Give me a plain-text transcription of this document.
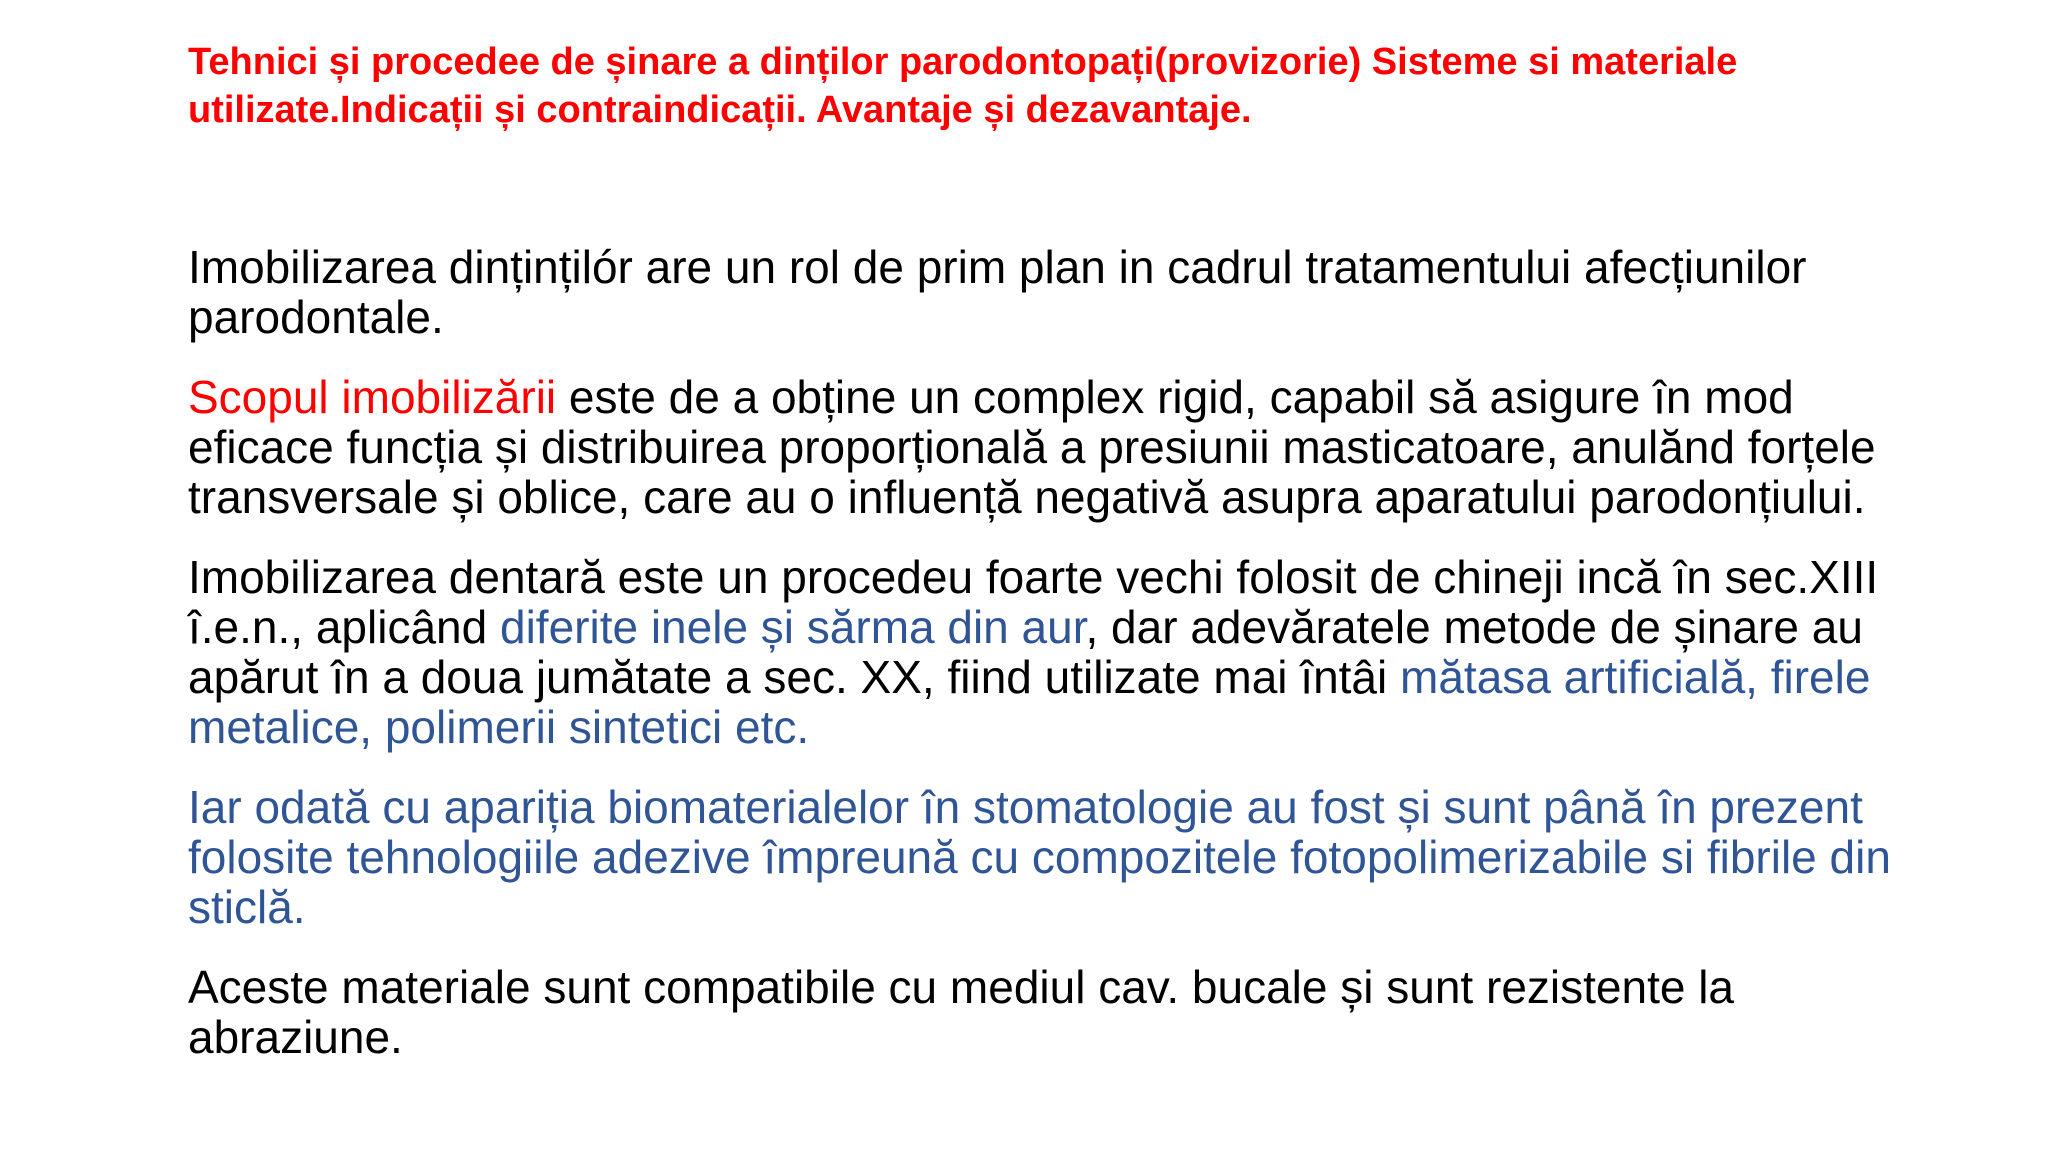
Tehnici și procedee de șinare a dinților parodontopați(provizorie) Sisteme si materiale utilizate.Indicații și contraindicații. Avantaje și dezavantaje.

Imobilizarea dințințilór are un rol de prim plan in cadrul tratamentului afecțiunilor parodontale.

Scopul imobilizării este de a obține un complex rigid, capabil să asigure în mod eficace funcția și distribuirea proporțională a presiunii masticatoare, anulănd forțele transversale și oblice, care au o influență negativă asupra aparatului parodonțiului.

Imobilizarea dentară este un procedeu foarte vechi folosit de chineji incă în sec.XIII î.e.n., aplicând diferite inele și sărma din aur, dar adevăratele metode de șinare au apărut în a doua jumătate a sec. XX, fiind utilizate mai întâi mătasa artificială, firele metalice, polimerii sintetici etc.

Iar odată cu apariția biomaterialelor în stomatologie au fost și sunt până în prezent folosite tehnologiile adezive împreună cu compozitele fotopolimerizabile si fibrile din sticlă.

Aceste materiale sunt compatibile cu mediul cav. bucale și sunt rezistente la abraziune.
